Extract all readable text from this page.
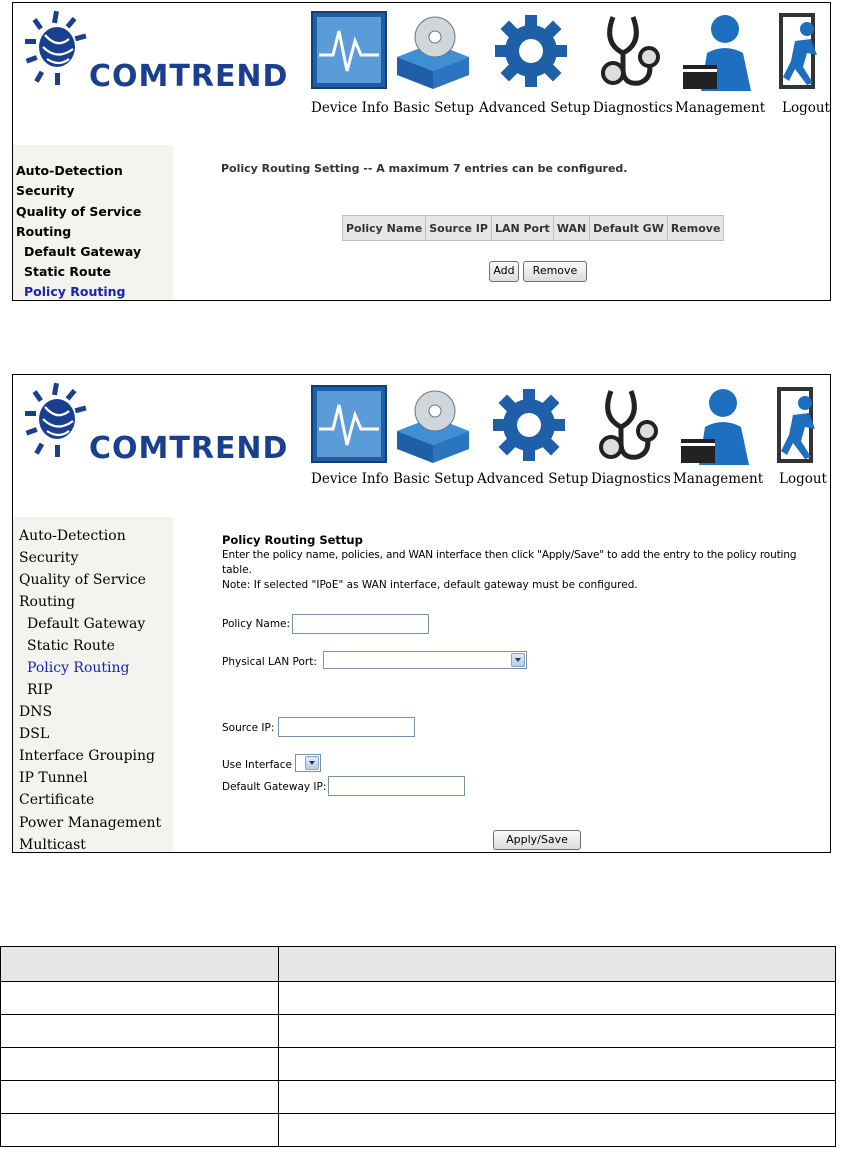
COMTREND
Device Info Basic Setup Advanced Setup Diagnostics Management Logout
Auto-Detection
Security
Quality of Service
Routing
Default Gateway
Static Route
Policy Routing
Policy Routing Setting -- A maximum 7 entries can be configured.
Policy Name	Source IP	LAN Port	WAN	Default GW	Remove
Add	Remove
COMTREND
Device Info Basic Setup Advanced Setup Diagnostics Management Logout
Auto-Detection
Security
Quality of Service
Routing
Default Gateway
Static Route
Policy Routing
RIP
DNS
DSL
Interface Grouping
IP Tunnel
Certificate
Power Management
Multicast
Policy Routing Settup
Enter the policy name, policies, and WAN interface then click "Apply/Save" to add the entry to the policy routing
table.
Note: If selected "IPoE" as WAN interface, default gateway must be configured.
Policy Name:
Physical LAN Port:
Source IP:
Use Interface
Default Gateway IP:
Apply/Save
